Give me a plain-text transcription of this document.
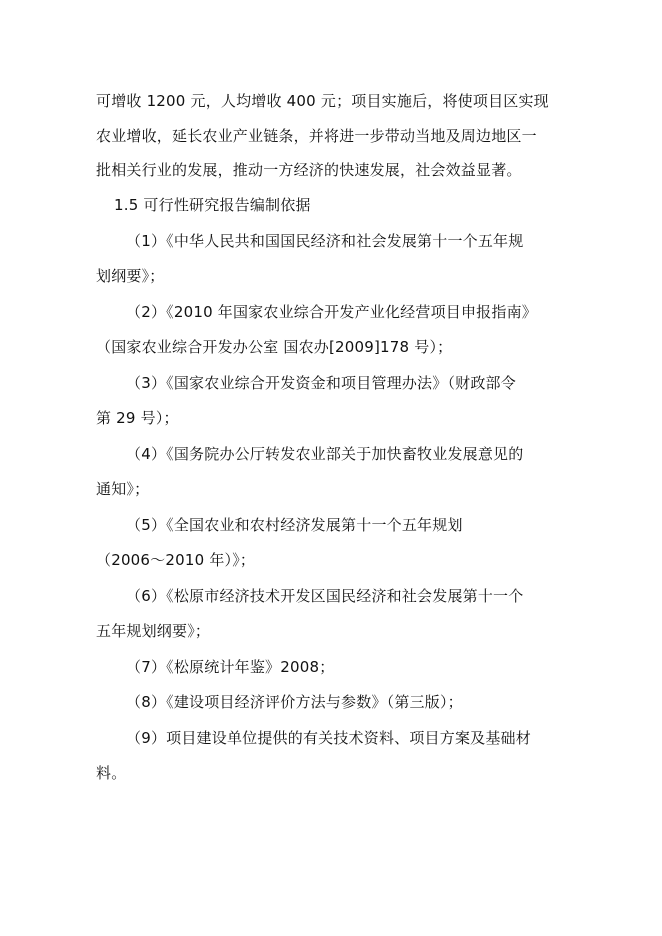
可增收 1200 元，人均增收 400 元；项目实施后，将使项目区实现
农业增收，延长农业产业链条，并将进一步带动当地及周边地区一
批相关行业的发展，推动一方经济的快速发展，社会效益显著。
1.5 可行性研究报告编制依据
（1）《中华人民共和国国民经济和社会发展第十一个五年规
划纲要》；
（2）《2010 年国家农业综合开发产业化经营项目申报指南》
（国家农业综合开发办公室 国农办[2009]178 号）；
（3）《国家农业综合开发资金和项目管理办法》（财政部令
第 29 号）；
（4）《国务院办公厅转发农业部关于加快畜牧业发展意见的
通知》；
（5）《全国农业和农村经济发展第十一个五年规划
（2006～2010 年）》；
（6）《松原市经济技术开发区国民经济和社会发展第十一个
五年规划纲要》；
（7）《松原统计年鉴》2008；
（8）《建设项目经济评价方法与参数》（第三版）；
（9）项目建设单位提供的有关技术资料、项目方案及基础材
料。
